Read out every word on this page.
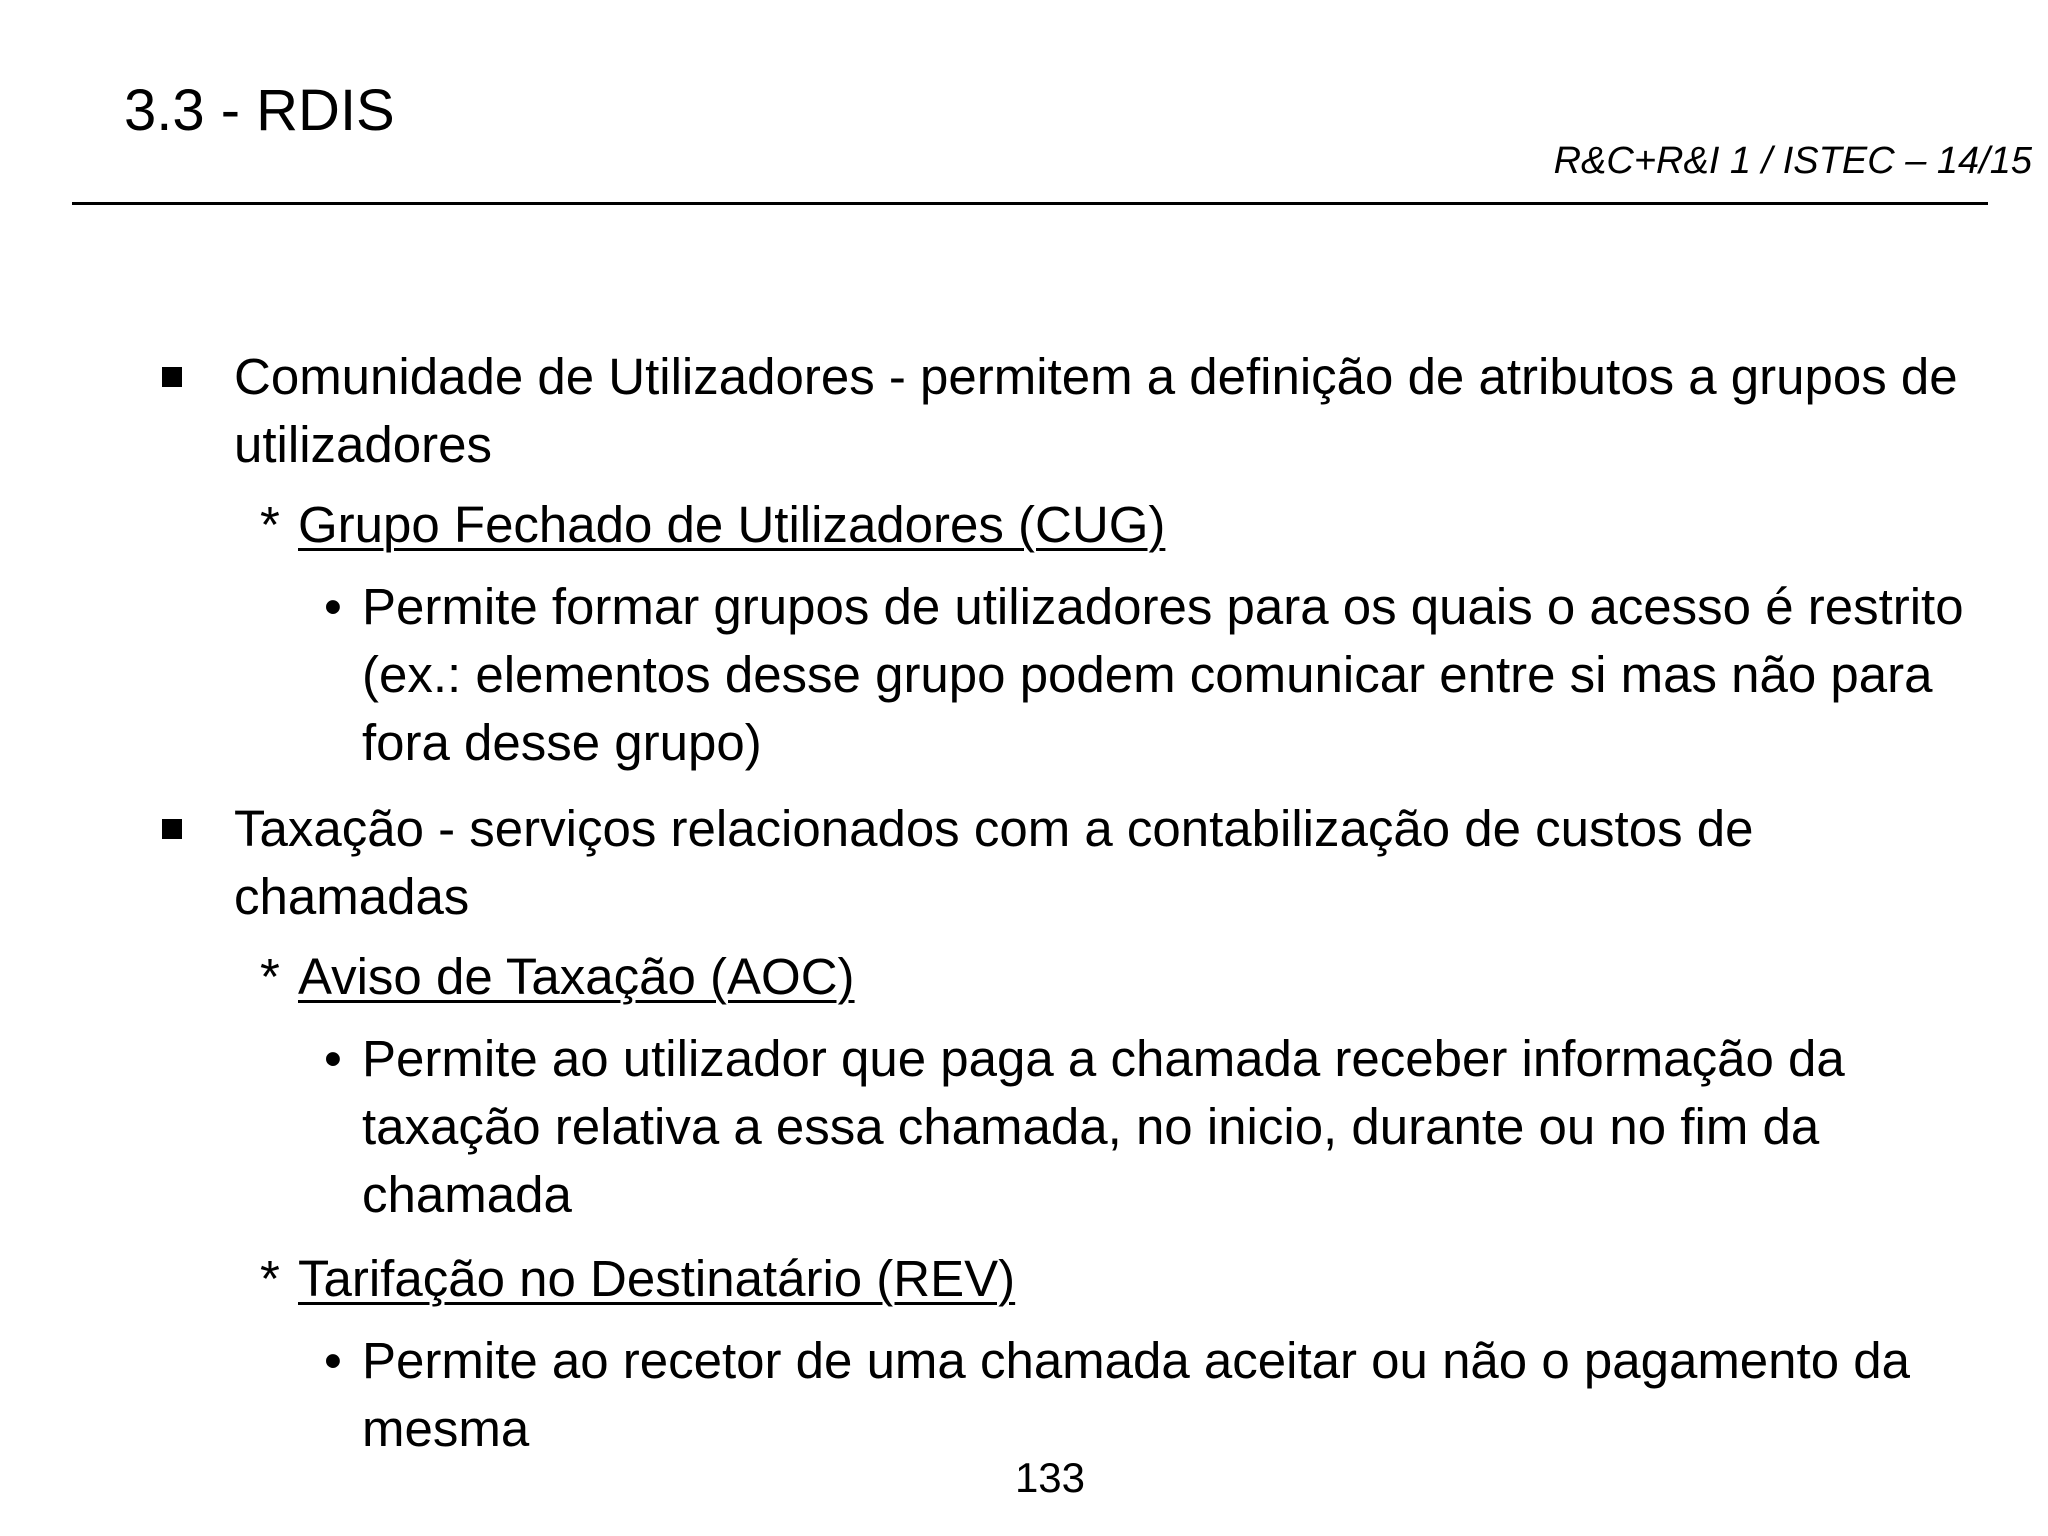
3.3 - RDIS
R&C+R&I 1 / ISTEC – 14/15
Comunidade de Utilizadores - permitem a definição de atributos a grupos de utilizadores
* Grupo Fechado de Utilizadores (CUG)
• Permite formar grupos de utilizadores para os quais o acesso é restrito (ex.: elementos desse grupo podem comunicar entre si mas não para fora desse grupo)
Taxação - serviços relacionados com a contabilização de custos de chamadas
* Aviso de Taxação (AOC)
• Permite ao utilizador que paga a chamada receber informação da taxação relativa a essa chamada, no inicio, durante ou no fim da chamada
* Tarifação no Destinatário (REV)
• Permite ao recetor de uma chamada aceitar ou não o pagamento da mesma
133
